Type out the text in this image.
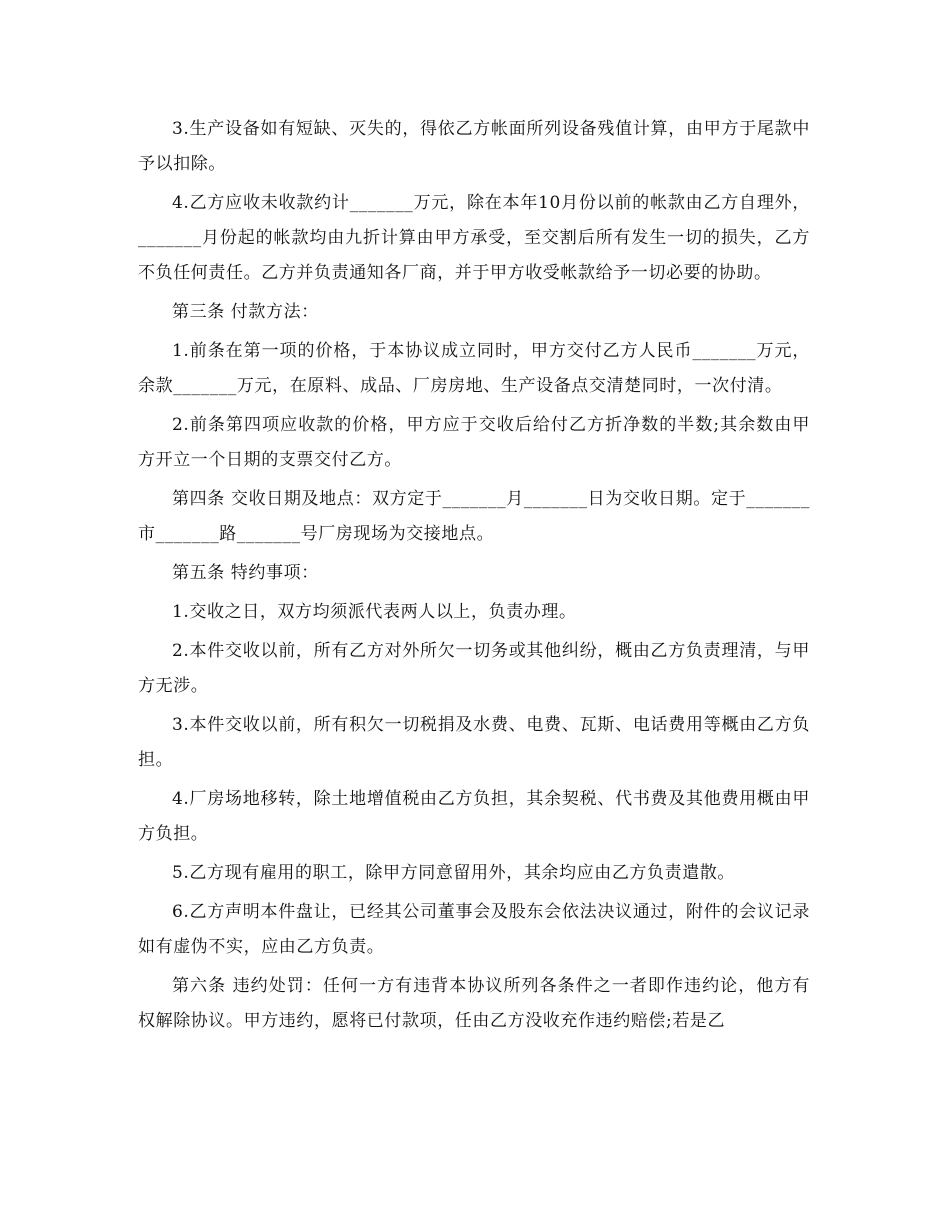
3.生产设备如有短缺、灭失的，得依乙方帐面所列设备残值计算，由甲方于尾款中予以扣除。

4.乙方应收未收款约计_______万元，除在本年10月份以前的帐款由乙方自理外，_______月份起的帐款均由九折计算由甲方承受，至交割后所有发生一切的损失，乙方不负任何责任。乙方并负责通知各厂商，并于甲方收受帐款给予一切必要的协助。

第三条 付款方法：

1.前条在第一项的价格，于本协议成立同时，甲方交付乙方人民币_______万元，余款_______万元，在原料、成品、厂房房地、生产设备点交清楚同时，一次付清。

2.前条第四项应收款的价格，甲方应于交收后给付乙方折净数的半数;其余数由甲方开立一个日期的支票交付乙方。

第四条 交收日期及地点：双方定于_______月_______日为交收日期。定于_______市_______路_______号厂房现场为交接地点。

第五条 特约事项：

1.交收之日，双方均须派代表两人以上，负责办理。

2.本件交收以前，所有乙方对外所欠一切务或其他纠纷，概由乙方负责理清，与甲方无涉。

3.本件交收以前，所有积欠一切税捐及水费、电费、瓦斯、电话费用等概由乙方负担。

4.厂房场地移转，除土地增值税由乙方负担，其余契税、代书费及其他费用概由甲方负担。

5.乙方现有雇用的职工，除甲方同意留用外，其余均应由乙方负责遣散。

6.乙方声明本件盘让，已经其公司董事会及股东会依法决议通过，附件的会议记录如有虚伪不实，应由乙方负责。

第六条 违约处罚：任何一方有违背本协议所列各条件之一者即作违约论，他方有权解除协议。甲方违约，愿将已付款项，任由乙方没收充作违约赔偿;若是乙
